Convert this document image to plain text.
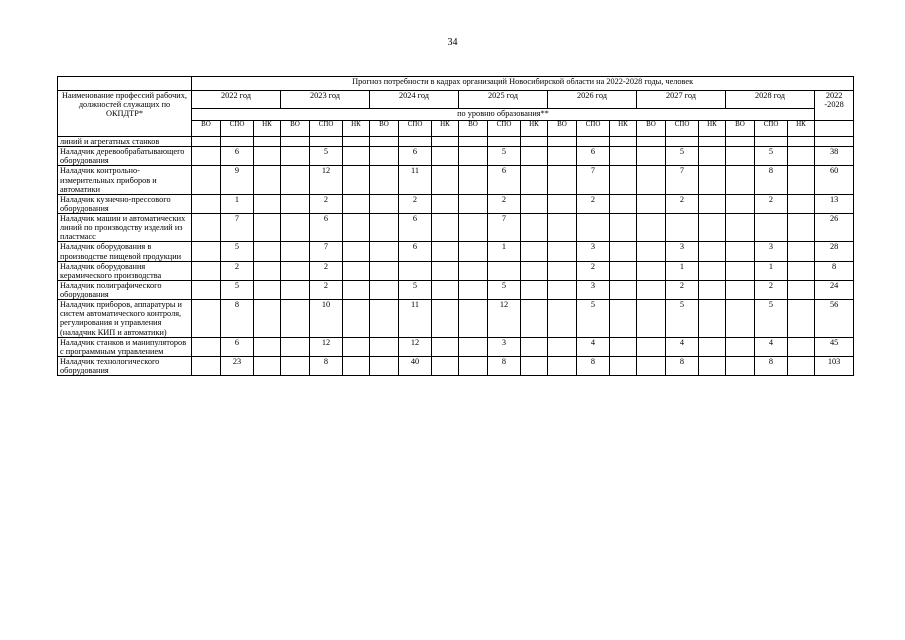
34
	Прогноз потребности в кадрах организаций Новосибирской области на 2022-2028 годы, человек																					
Наименование профессий рабочих, должностей служащих по ОКПДТР*	2022 год			2023 год			2024 год			2025 год			2026 год			2027 год			2028 год			2022 -2028
	по уровню образования**																					
	ВО	СПО	НК	ВО	СПО	НК	ВО	СПО	НК	ВО	СПО	НК	ВО	СПО	НК	ВО	СПО	НК	ВО	СПО	НК	
линий и агрегатных станков																						
Наладчик деревообрабатывающего оборудования		6			5			6			5			6			5			5		38
Наладчик контрольно-измерительных приборов и автоматики		9			12			11			6			7			7			8		60
Наладчик кузнечно-прессового оборудования		1			2			2			2			2			2			2		13
Наладчик машин и автоматических линий по производству изделий из пластмасс		7			6			6			7											26
Наладчик оборудования в производстве пищевой продукции		5			7			6			1			3			3			3		28
Наладчик оборудования керамического производства		2			2									2			1			1		8
Наладчик полиграфического оборудования		5			2			5			5			3			2			2		24
Наладчик приборов, аппаратуры и систем автоматического контроля, регулирования и управления (наладчик КИП и автоматики)		8			10			11			12			5			5			5		56
Наладчик станков и манипуляторов с программным управлением		6			12			12			3			4			4			4		45
Наладчик технологического оборудования		23			8			40			8			8			8			8		103
